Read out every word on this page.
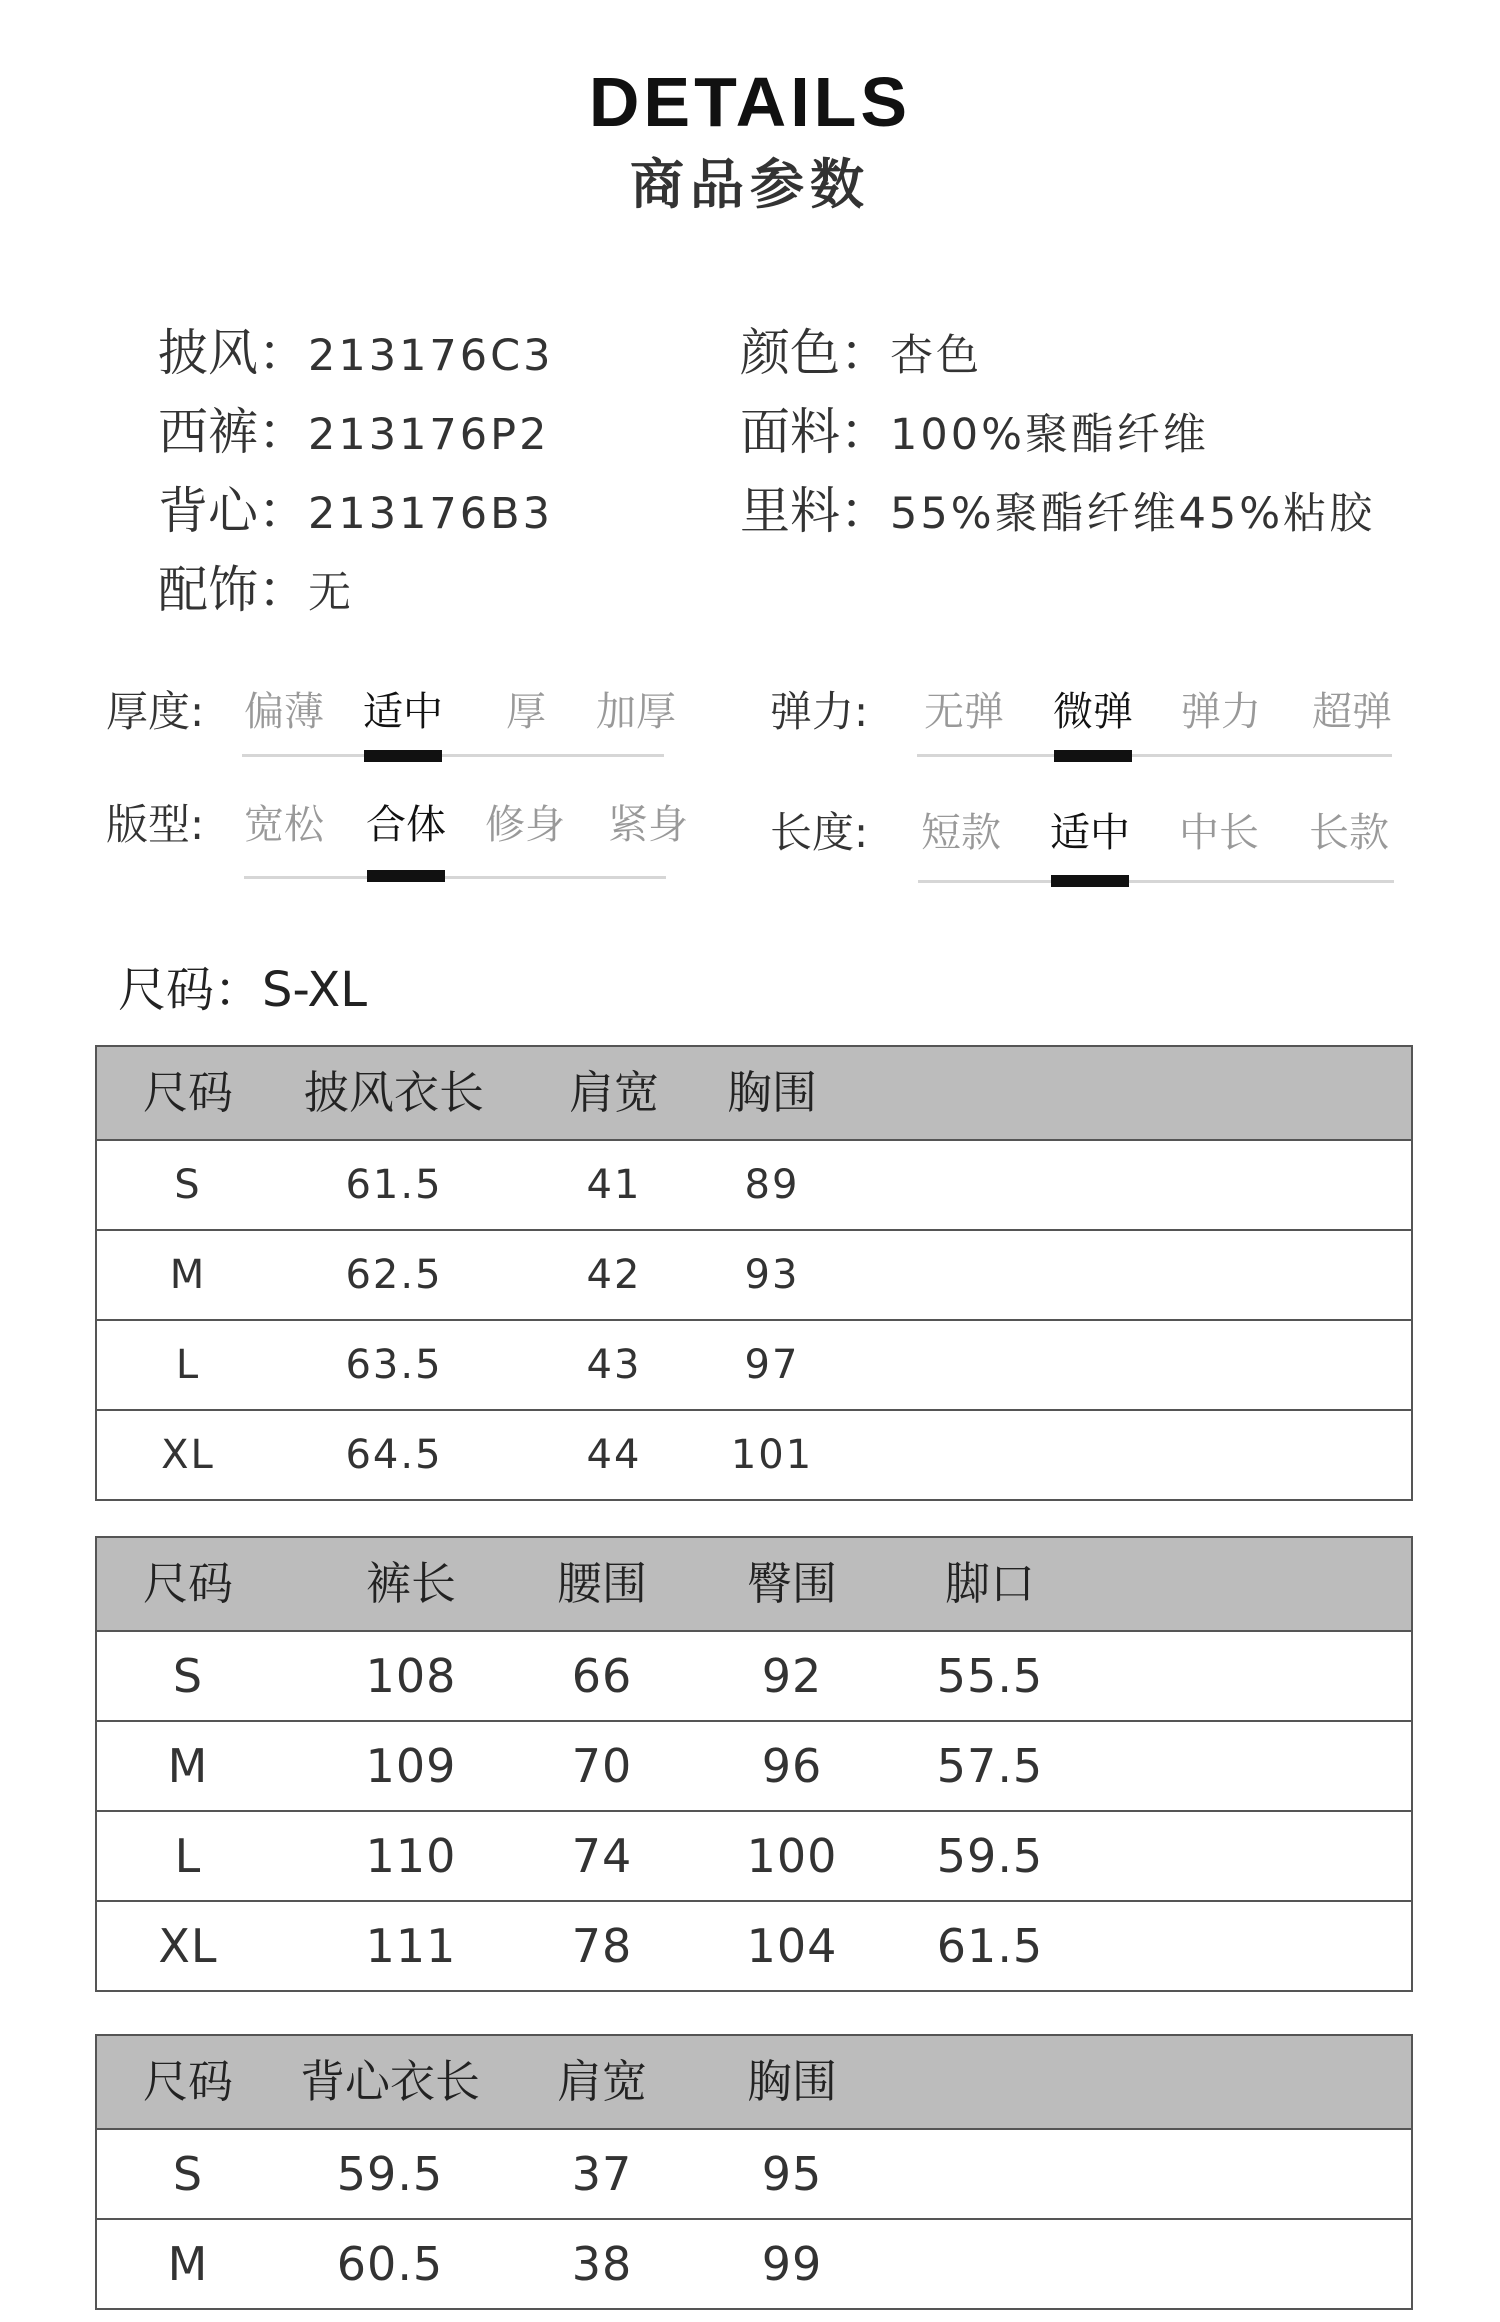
DETAILS
商品参数
披风：213176C3
西裤：213176P2
背心：213176B3
配饰：无
颜色：杏色
面料：100%聚酯纤维
里料：55%聚酯纤维45%粘胶
厚度: 偏薄 适中	厚	加厚 弹力: 无弹 微弹 弹力 超弹
版型: 宽松 合体 修身 紧身 长度: 短款 适中 中长 长款
尺码：S-XL
尺码	披风衣长	肩宽	胸围
S	61.5	41	89
M	62.5	42	93
L	63.5	43	97
XL	64.5	44	101
尺码	裤长	腰围	臀围	脚口
S	108	66	92	55.5
M	109	70	96	57.5
L	110	74	100	59.5
XL	111	78	104	61.5
尺码	背心衣长	肩宽	胸围
S	59.5	37	95
M	60.5	38	99
